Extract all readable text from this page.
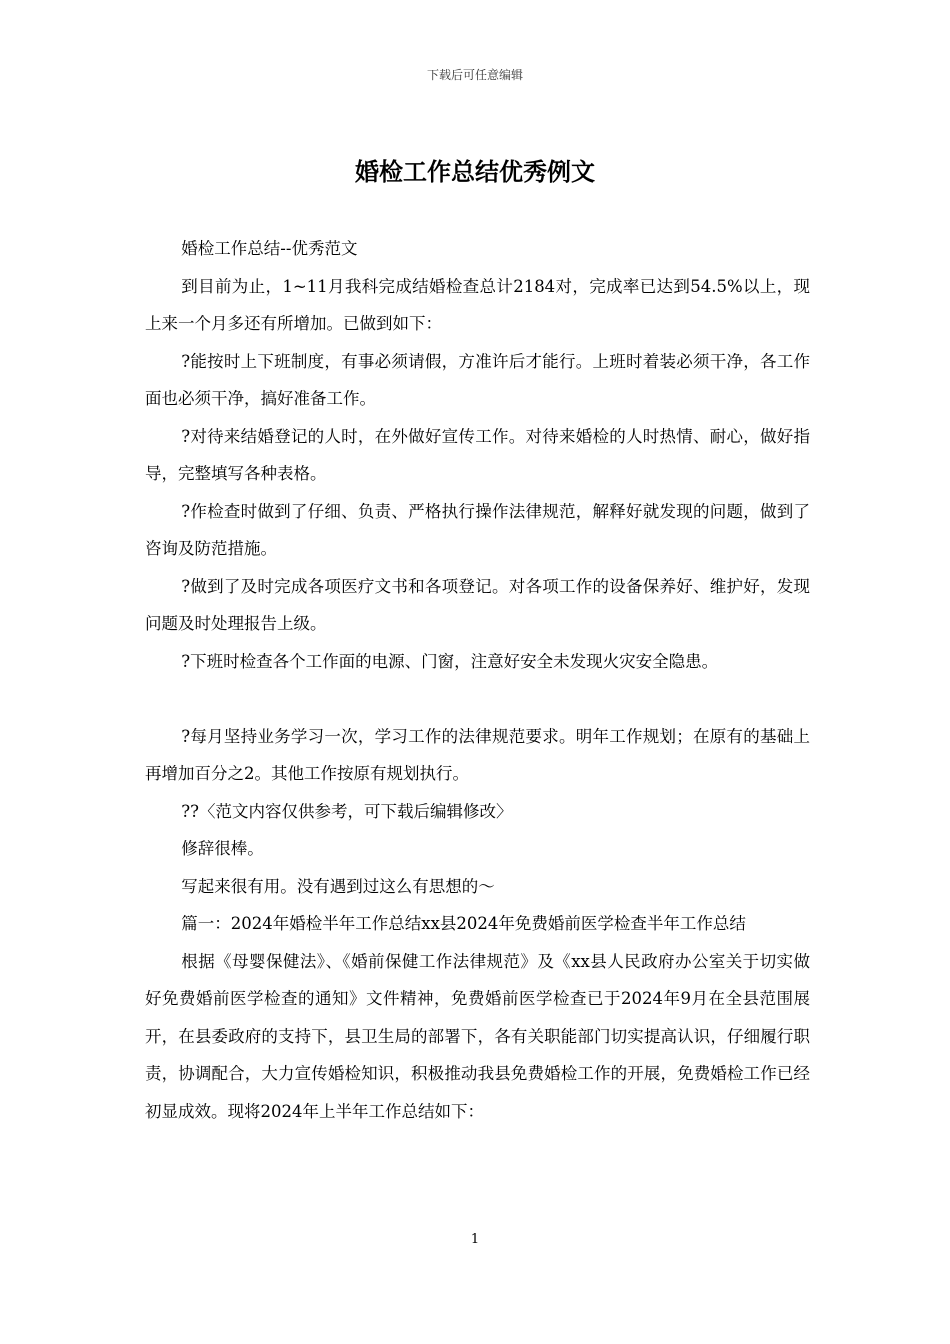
下载后可任意编辑
婚检工作总结优秀例文

婚检工作总结--优秀范文

到目前为止，1~11月我科完成结婚检查总计2184对，完成率已达到54.5%以上，现上来一个月多还有所增加。已做到如下：

?能按时上下班制度，有事必须请假，方准许后才能行。上班时着装必须干净，各工作面也必须干净，搞好准备工作。

?对待来结婚登记的人时，在外做好宣传工作。对待来婚检的人时热情、耐心，做好指导，完整填写各种表格。

?作检查时做到了仔细、负责、严格执行操作法律规范，解释好就发现的问题，做到了咨询及防范措施。

?做到了及时完成各项医疗文书和各项登记。对各项工作的设备保养好、维护好，发现问题及时处理报告上级。

?下班时检查各个工作面的电源、门窗，注意好安全未发现火灾安全隐患。

?每月坚持业务学习一次，学习工作的法律规范要求。明年工作规划；在原有的基础上再增加百分之2。其他工作按原有规划执行。

??〈范文内容仅供参考，可下载后编辑修改〉

修辞很棒。

写起来很有用。没有遇到过这么有思想的～

篇一：2024年婚检半年工作总结xx县2024年免费婚前医学检查半年工作总结

根据《母婴保健法》、《婚前保健工作法律规范》及《xx县人民政府办公室关于切实做好免费婚前医学检查的通知》文件精神，免费婚前医学检查已于2024年9月在全县范围展开，在县委政府的支持下，县卫生局的部署下，各有关职能部门切实提高认识，仔细履行职责，协调配合，大力宣传婚检知识，积极推动我县免费婚检工作的开展，免费婚检工作已经初显成效。现将2024年上半年工作总结如下：

1
